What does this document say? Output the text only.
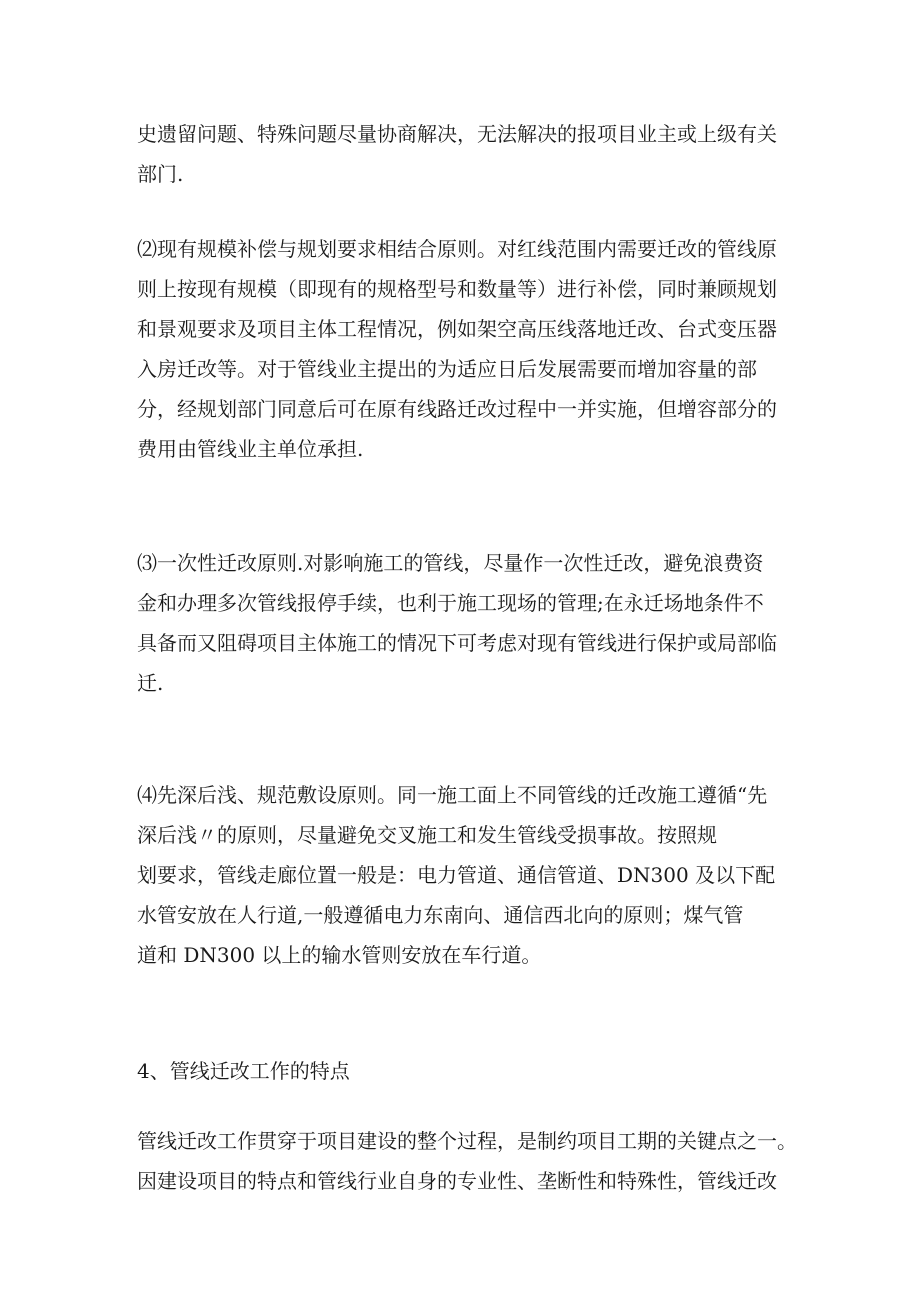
史遗留问题、特殊问题尽量协商解决，无法解决的报项目业主或上级有关
部门.
⑵现有规模补偿与规划要求相结合原则。对红线范围内需要迁改的管线原
则上按现有规模（即现有的规格型号和数量等）进行补偿，同时兼顾规划
和景观要求及项目主体工程情况，例如架空高压线落地迁改、台式变压器
入房迁改等。对于管线业主提出的为适应日后发展需要而增加容量的部
分，经规划部门同意后可在原有线路迁改过程中一并实施，但增容部分的
费用由管线业主单位承担.
⑶一次性迁改原则.对影响施工的管线，尽量作一次性迁改，避免浪费资
金和办理多次管线报停手续，也利于施工现场的管理;在永迁场地条件不
具备而又阻碍项目主体施工的情况下可考虑对现有管线进行保护或局部临
迁.
⑷先深后浅、规范敷设原则。同一施工面上不同管线的迁改施工遵循“先
深后浅〃的原则，尽量避免交叉施工和发生管线受损事故。按照规
划要求，管线走廊位置一般是：电力管道、通信管道、DN300 及以下配
水管安放在人行道,一般遵循电力东南向、通信西北向的原则；煤气管
道和 DN300 以上的输水管则安放在车行道。
4、管线迁改工作的特点
管线迁改工作贯穿于项目建设的整个过程，是制约项目工期的关键点之一。
因建设项目的特点和管线行业自身的专业性、垄断性和特殊性，管线迁改
